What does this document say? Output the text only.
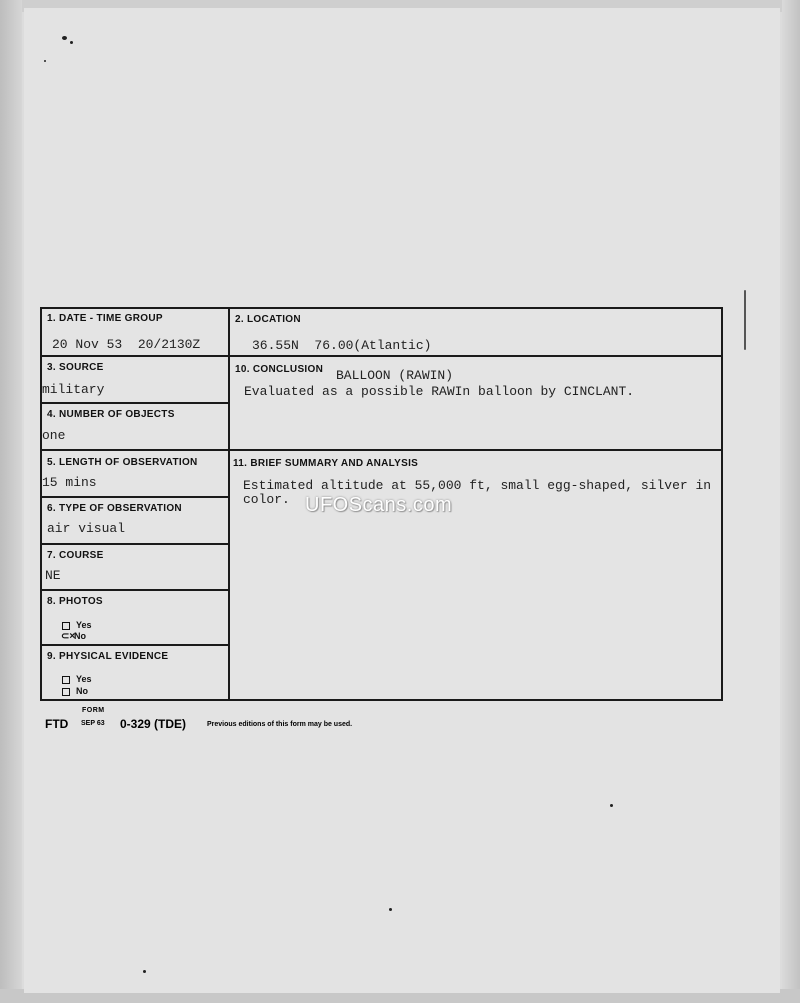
1. DATE - TIME GROUP
20 Nov 53  20/2130Z
3. SOURCE
military
4. NUMBER OF OBJECTS
one
5. LENGTH OF OBSERVATION
15 mins
6. TYPE OF OBSERVATION
air visual
7. COURSE
NE
8. PHOTOS
Yes
⊂×No
9. PHYSICAL EVIDENCE
Yes
No
2. LOCATION
36.55N  76.00(Atlantic)
10. CONCLUSION BALLOON (RAWIN)
Evaluated as a possible RAWIn balloon by CINCLANT.
11. BRIEF SUMMARY AND ANALYSIS
Estimated altitude at 55,000 ft, small egg-shaped, silver in color.
FORM
FTD SEP 63 0-329 (TDE)	Previous editions of this form may be used.
UFOScans.com
